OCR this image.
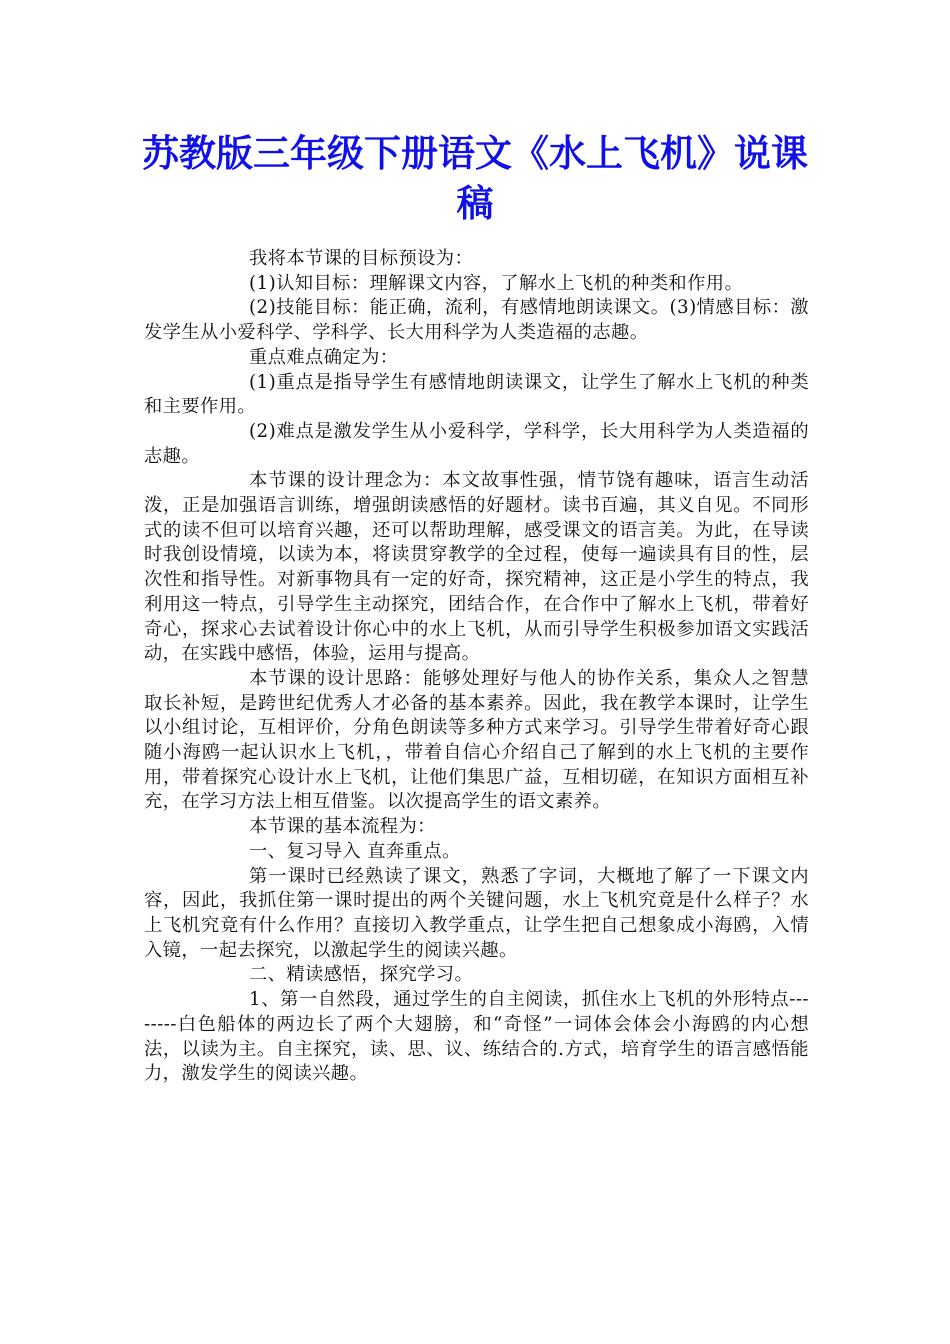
苏教版三年级下册语文《水上飞机》说课稿

我将本节课的目标预设为：

(1)认知目标：理解课文内容，了解水上飞机的种类和作用。

(2)技能目标：能正确，流利，有感情地朗读课文。(3)情感目标：激发学生从小爱科学、学科学、长大用科学为人类造福的志趣。

重点难点确定为：

(1)重点是指导学生有感情地朗读课文，让学生了解水上飞机的种类和主要作用。

(2)难点是激发学生从小爱科学，学科学，长大用科学为人类造福的志趣。

本节课的设计理念为：本文故事性强，情节饶有趣味，语言生动活泼，正是加强语言训练，增强朗读感悟的好题材。读书百遍，其义自见。不同形式的读不但可以培育兴趣，还可以帮助理解，感受课文的语言美。为此，在导读时我创设情境，以读为本，将读贯穿教学的全过程，使每一遍读具有目的性，层次性和指导性。对新事物具有一定的好奇，探究精神，这正是小学生的特点，我利用这一特点，引导学生主动探究，团结合作，在合作中了解水上飞机，带着好奇心，探求心去试着设计你心中的水上飞机，从而引导学生积极参加语文实践活动，在实践中感悟，体验，运用与提高。

本节课的设计思路：能够处理好与他人的协作关系，集众人之智慧取长补短，是跨世纪优秀人才必备的基本素养。因此，我在教学本课时，让学生以小组讨论，互相评价，分角色朗读等多种方式来学习。引导学生带着好奇心跟随小海鸥一起认识水上飞机，，带着自信心介绍自己了解到的水上飞机的主要作用，带着探究心设计水上飞机，让他们集思广益，互相切磋，在知识方面相互补充，在学习方法上相互借鉴。以次提高学生的语文素养。

本节课的基本流程为：

一、复习导入 直奔重点。

第一课时已经熟读了课文，熟悉了字词，大概地了解了一下课文内容，因此，我抓住第一课时提出的两个关键问题，水上飞机究竟是什么样子？水上飞机究竟有什么作用？直接切入教学重点，让学生把自己想象成小海鸥，入情入镜，一起去探究，以激起学生的阅读兴趣。

二、精读感悟，探究学习。

1、第一自然段，通过学生的自主阅读，抓住水上飞机的外形特点--------白色船体的两边长了两个大翅膀，和“奇怪”一词体会体会小海鸥的内心想法，以读为主。自主探究，读、思、议、练结合的.方式，培育学生的语言感悟能力，激发学生的阅读兴趣。
